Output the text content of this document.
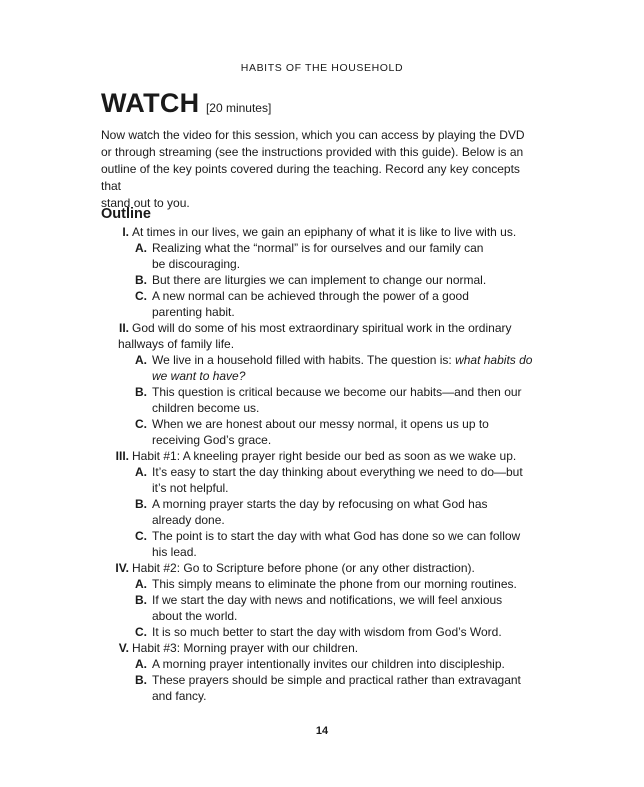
HABITS OF THE HOUSEHOLD
WATCH [20 minutes]
Now watch the video for this session, which you can access by playing the DVD
or through streaming (see the instructions provided with this guide). Below is an
outline of the key points covered during the teaching. Record any key concepts that
stand out to you.
Outline
I. At times in our lives, we gain an epiphany of what it is like to live with us.
A. Realizing what the “normal” is for ourselves and our family can
be discouraging.
B. But there are liturgies we can implement to change our normal.
C. A new normal can be achieved through the power of a good
parenting habit.
II. God will do some of his most extraordinary spiritual work in the ordinary
hallways of family life.
A. We live in a household filled with habits. The question is: what habits do
we want to have?
B. This question is critical because we become our habits—and then our
children become us.
C. When we are honest about our messy normal, it opens us up to
receiving God’s grace.
III. Habit #1: A kneeling prayer right beside our bed as soon as we wake up.
A. It’s easy to start the day thinking about everything we need to do—but
it’s not helpful.
B. A morning prayer starts the day by refocusing on what God has
already done.
C. The point is to start the day with what God has done so we can follow
his lead.
IV. Habit #2: Go to Scripture before phone (or any other distraction).
A. This simply means to eliminate the phone from our morning routines.
B. If we start the day with news and notifications, we will feel anxious
about the world.
C. It is so much better to start the day with wisdom from God’s Word.
V. Habit #3: Morning prayer with our children.
A. A morning prayer intentionally invites our children into discipleship.
B. These prayers should be simple and practical rather than extravagant
and fancy.
14
